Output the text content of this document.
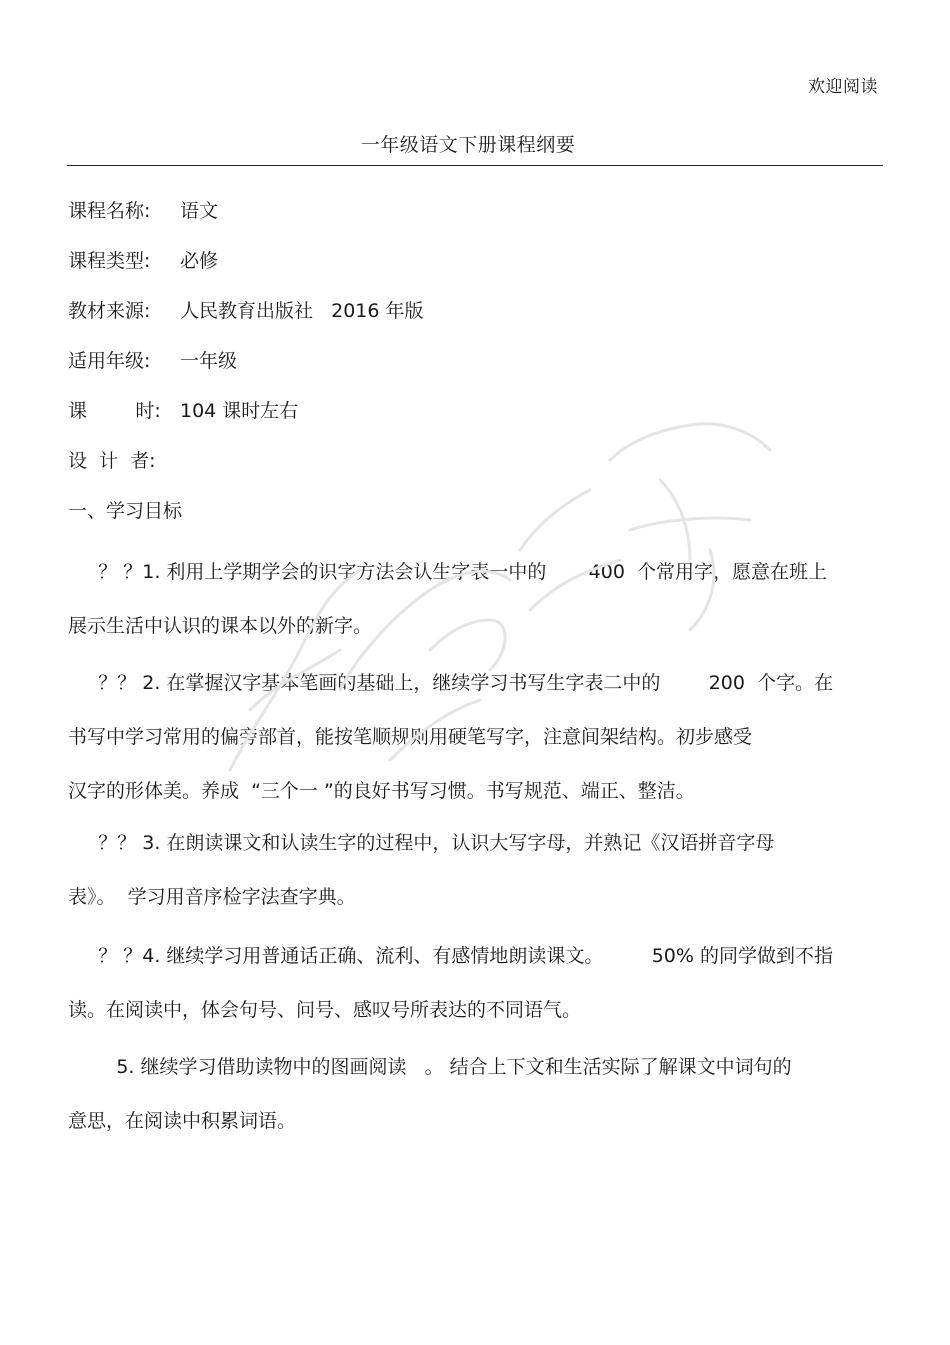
欢迎阅读
一年级语文下册课程纲要
课程名称: 语文
课程类型: 必修
教材来源: 人民教育出版社   2016 年版
适用年级: 一年级
课        时: 104 课时左右
设  计  者:
一、学习目标
？ ？1. 利用上学期学会的识字方法会认生字表一中的       400  个常用字，愿意在班上
展示生活中认识的课本以外的新字。
？？ 2. 在掌握汉字基本笔画的基础上，继续学习书写生字表二中的        200  个字。在
书写中学习常用的偏旁部首，能按笔顺规则用硬笔写字，注意间架结构。初步感受
汉字的形体美。养成  “三个一 ”的良好书写习惯。书写规范、端正、整洁。
？？ 3. 在朗读课文和认读生字的过程中，认识大写字母，并熟记《汉语拼音字母
表》。  学习用音序检字法查字典。
？ ？4. 继续学习用普通话正确、流利、有感情地朗读课文。        50% 的同学做到不指
读。在阅读中，体会句号、问号、感叹号所表达的不同语气。
5. 继续学习借助读物中的图画阅读   。 结合上下文和生活实际了解课文中词句的
意思，在阅读中积累词语。
